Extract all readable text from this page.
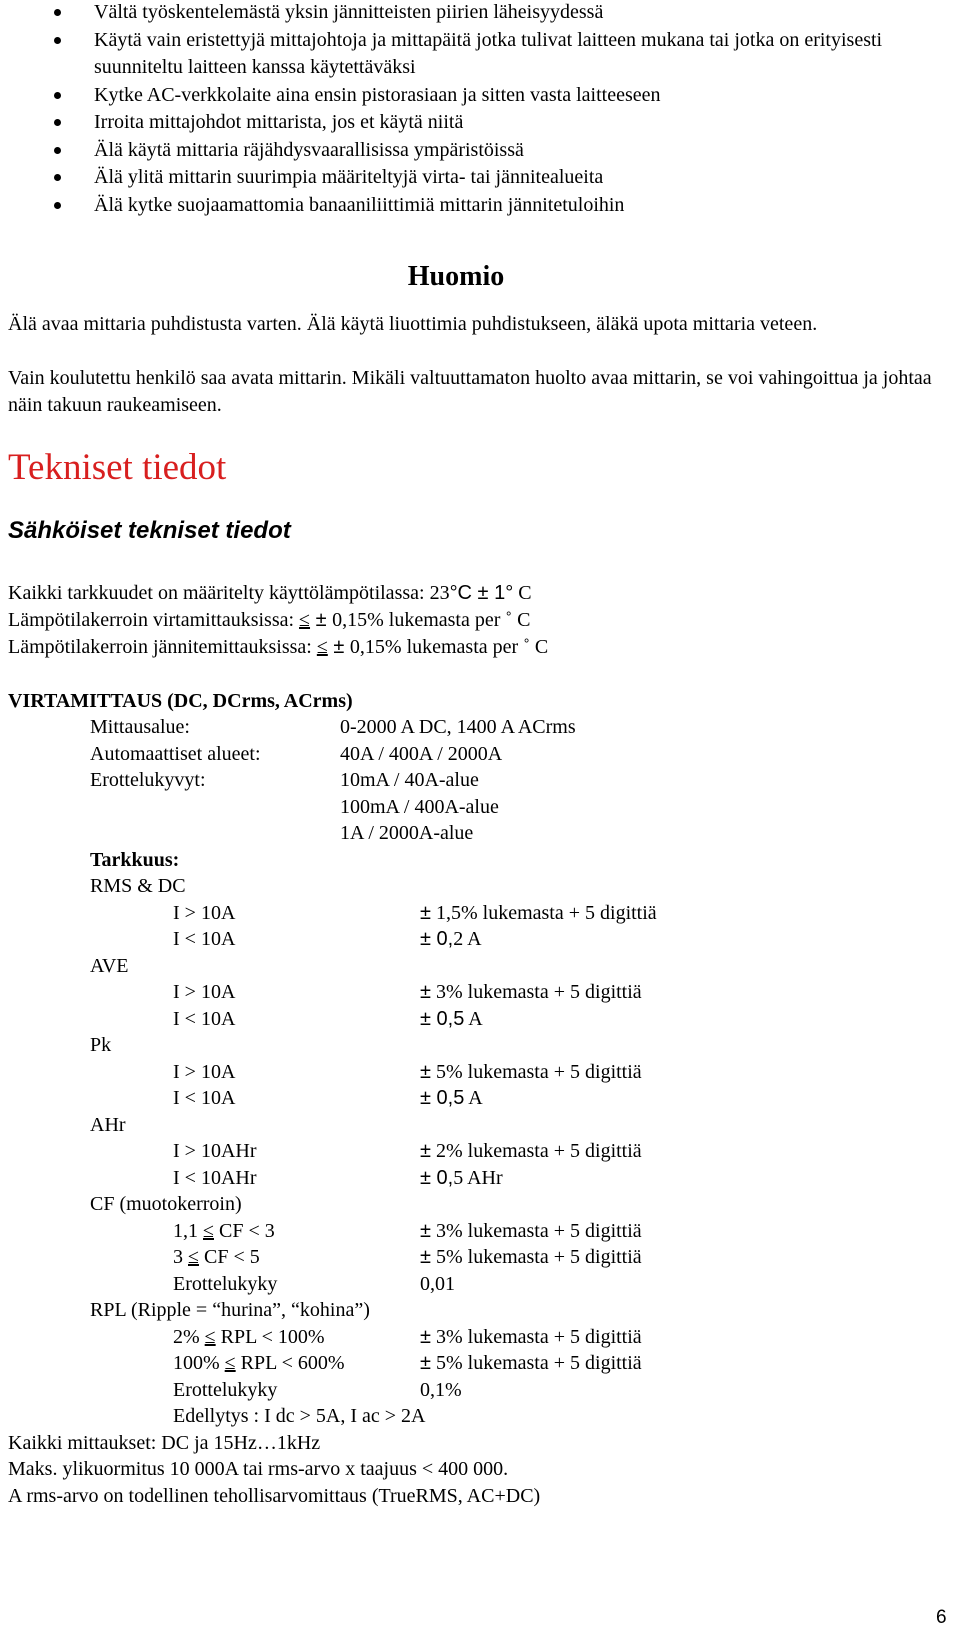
Vältä työskentelemästä yksin jännitteisten piirien läheisyydessä
Käytä vain eristettyjä mittajohtoja ja mittapäitä jotka tulivat laitteen mukana tai jotka on erityisesti suunniteltu laitteen kanssa käytettäväksi
Kytke AC-verkkolaite aina ensin pistorasiaan ja sitten vasta laitteeseen
Irroita mittajohdot mittarista, jos et käytä niitä
Älä käytä mittaria räjähdysvaarallisissa ympäristöissä
Älä ylitä mittarin suurimpia määriteltyjä virta- tai jännitealueita
Älä kytke suojaamattomia banaaniliittimiä mittarin jännitetuloihin
Huomio
Älä avaa mittaria puhdistusta varten. Älä käytä liuottimia puhdistukseen, äläkä upota mittaria veteen.
Vain koulutettu henkilö saa avata mittarin. Mikäli valtuuttamaton huolto avaa mittarin, se voi vahingoittua ja johtaa näin takuun raukeamiseen.
Tekniset tiedot
Sähköiset tekniset tiedot
Kaikki tarkkuudet on määritelty käyttölämpötilassa: 23°C ± 1° C
Lämpötilakerroin virtamittauksissa: ≤ ± 0,15% lukemasta per ˚ C
Lämpötilakerroin jännitemittauksissa: ≤ ± 0,15% lukemasta per ˚ C
VIRTAMITTAUS (DC, DCrms, ACrms)
Mittausalue:	0-2000 A DC, 1400 A ACrms
Automaattiset alueet:	40A / 400A / 2000A
Erottelukyvyt:	10mA / 40A-alue
100mA / 400A-alue
1A / 2000A-alue
Tarkkuus:
RMS & DC
I > 10A	± 1,5% lukemasta + 5 digittiä
I < 10A	± 0,2 A
AVE
I > 10A	± 3% lukemasta + 5 digittiä
I < 10A	± 0,5 A
Pk
I > 10A	± 5% lukemasta + 5 digittiä
I < 10A	± 0,5 A
AHr
I > 10AHr	± 2% lukemasta + 5 digittiä
I < 10AHr	± 0,5 AHr
CF (muotokerroin)
1,1 ≤ CF < 3	± 3% lukemasta + 5 digittiä
3 ≤ CF < 5	± 5% lukemasta + 5 digittiä
Erottelukyky	0,01
RPL (Ripple = “hurina”, “kohina”)
2% ≤ RPL < 100%	± 3% lukemasta + 5 digittiä
100% ≤ RPL < 600%	± 5% lukemasta + 5 digittiä
Erottelukyky	0,1%
Edellytys : I dc > 5A, I ac > 2A
Kaikki mittaukset: DC ja 15Hz…1kHz
Maks. ylikuormitus 10 000A tai rms-arvo x taajuus < 400 000.
A rms-arvo on todellinen tehollisarvomittaus (TrueRMS, AC+DC)
6
